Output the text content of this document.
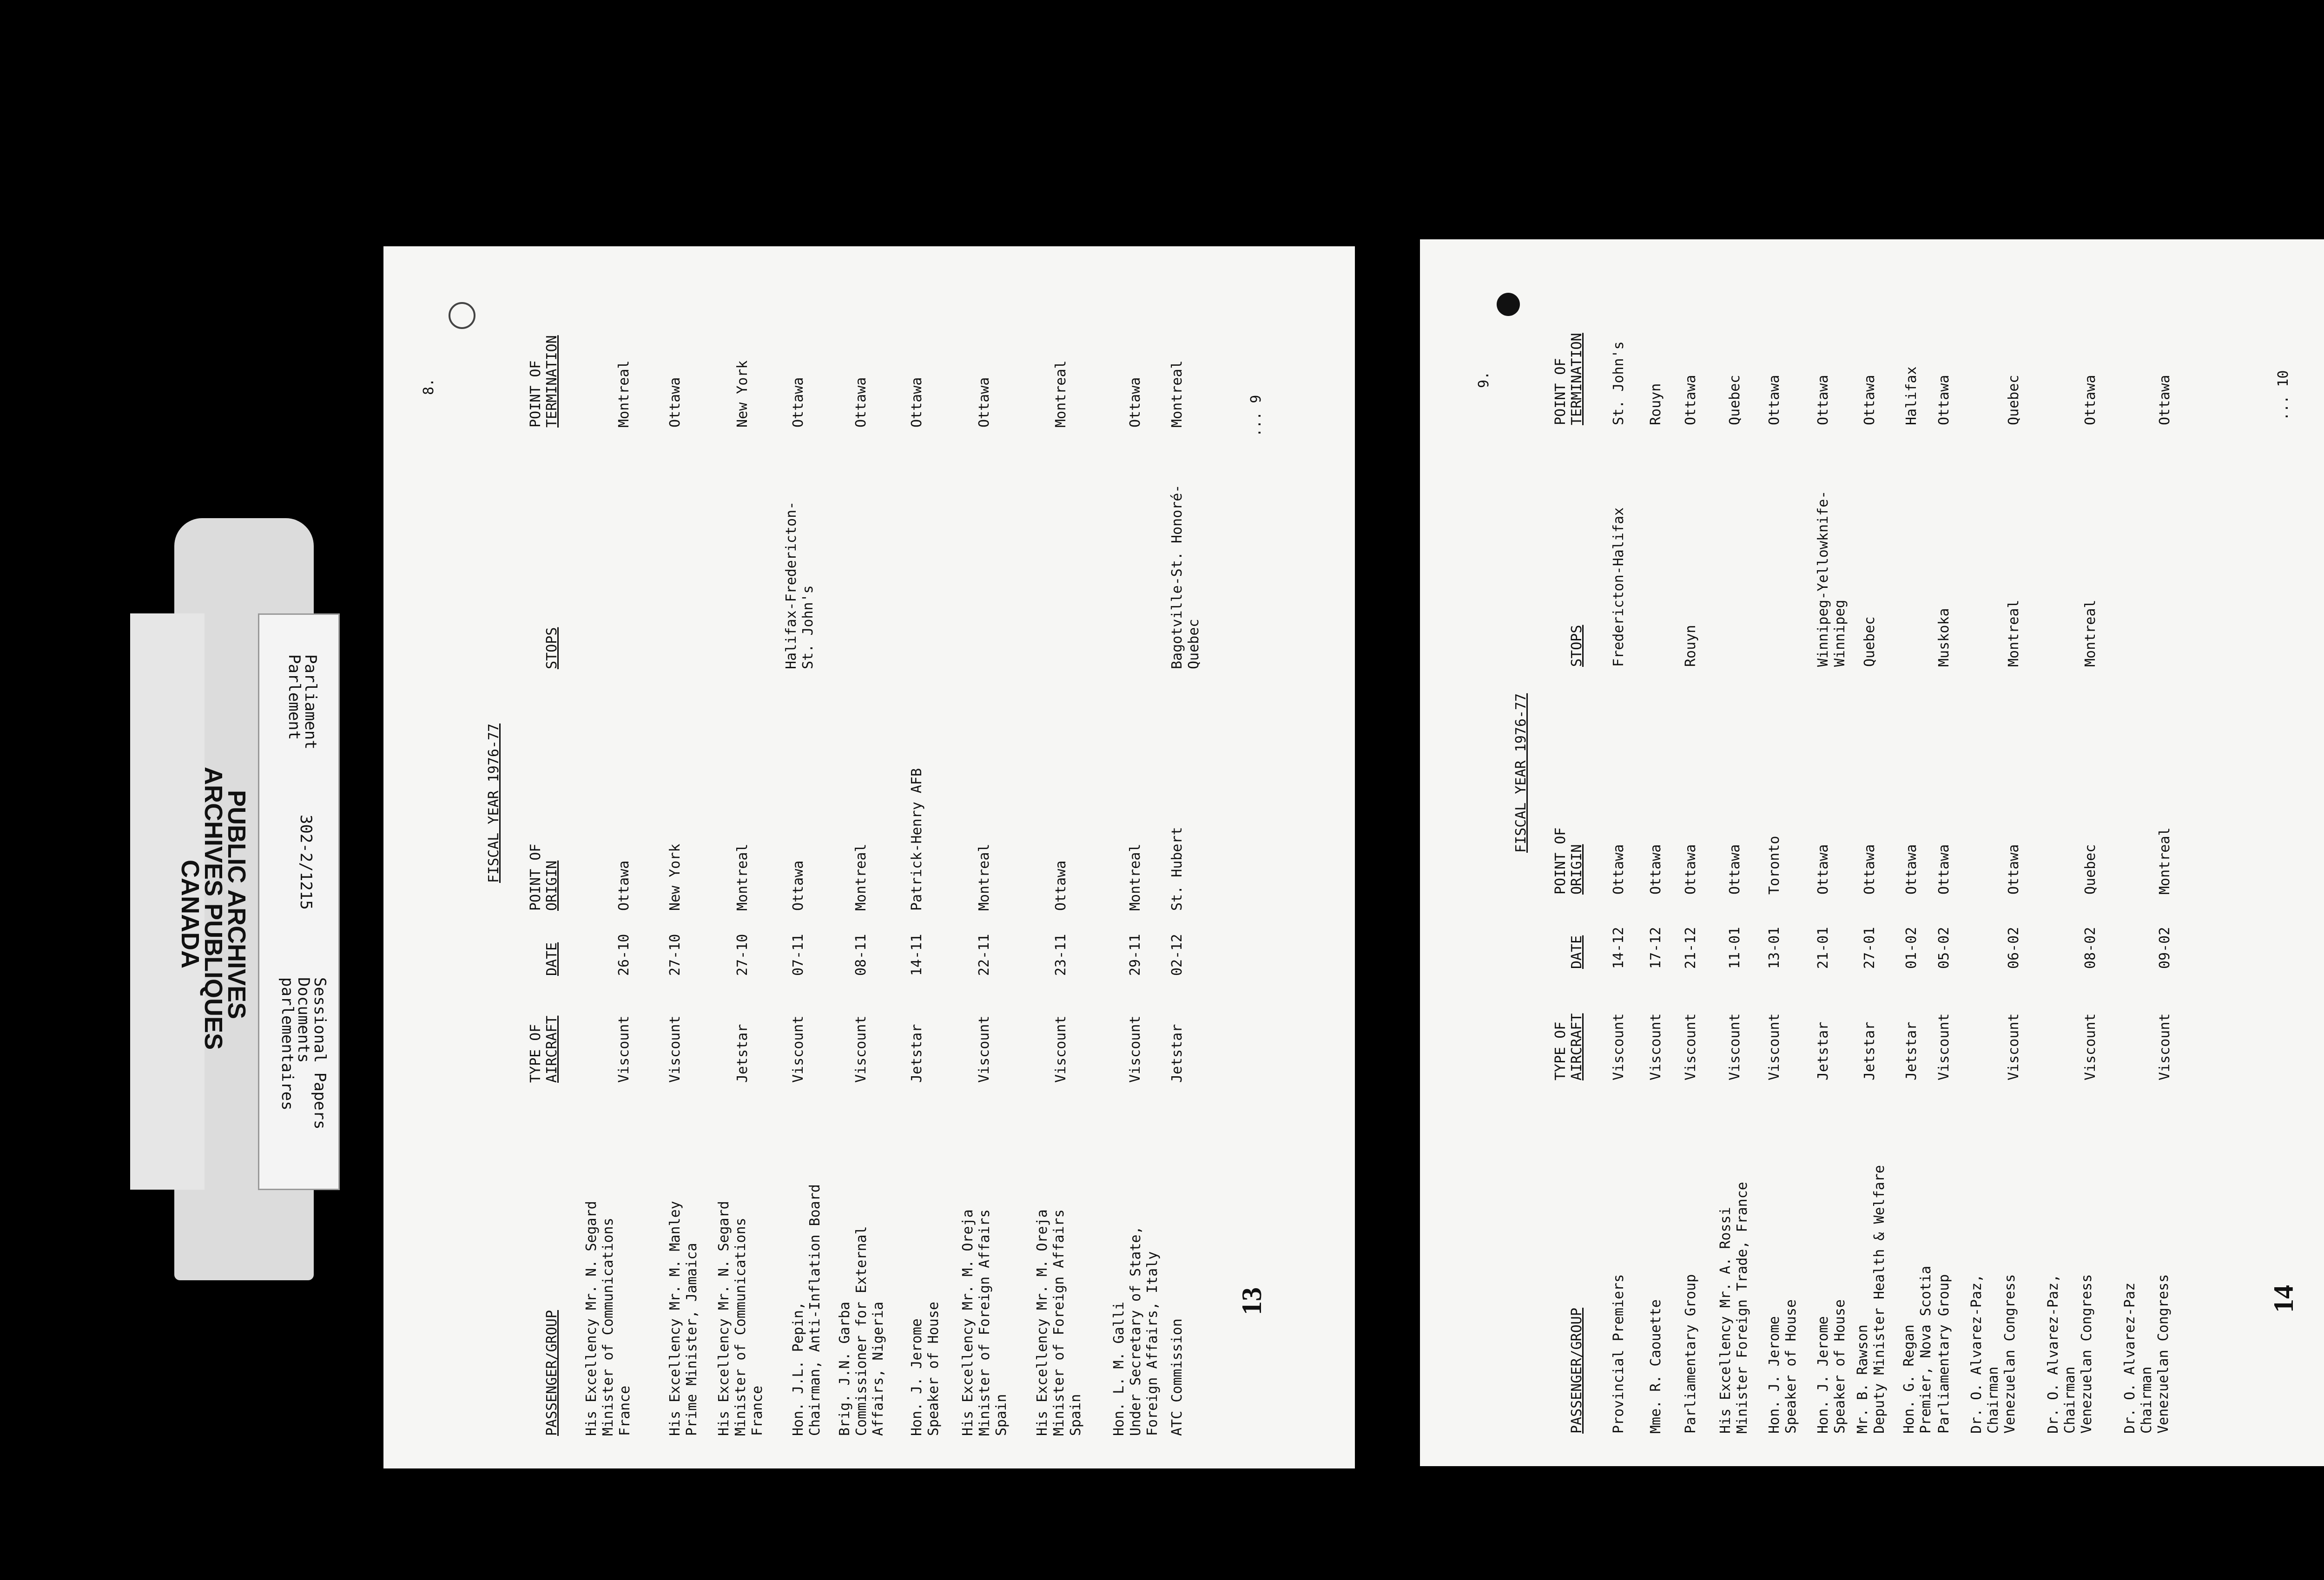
Parliament
Parlement
302-2/1215
Sessional Papers
Documents
parlementaires
PUBLIC ARCHIVES
ARCHIVES PUBLIQUES
CANADA
8.
FISCAL YEAR 1976-77
PASSENGER/GROUP
TYPE OF AIRCRAFT
DATE
POINT OF ORIGIN
STOPS
POINT OF TERMINATION
His Excellency Mr. N. Segard
Minister of Communications
France
Viscount
26-10
Ottawa
Montreal
His Excellency Mr. M. Manley
Prime Minister, Jamaica
Viscount
27-10
New York
Ottawa
His Excellency Mr. N. Segard
Minister of Communications
France
Jetstar
27-10
Montreal
New York
Hon. J.L. Pepin,
Chairman, Anti-Inflation Board
Viscount
07-11
Ottawa
Halifax-Fredericton-
St. John's
Ottawa
Brig. J.N. Garba
Commissioner for External
Affairs, Nigeria
Viscount
08-11
Montreal
Ottawa
Hon. J. Jerome
Speaker of House
Jetstar
14-11
Patrick-Henry AFB
Ottawa
His Excellency Mr. M. Oreja
Minister of Foreign Affairs
Spain
Viscount
22-11
Montreal
Ottawa
His Excellency Mr. M. Oreja
Minister of Foreign Affairs
Spain
Viscount
23-11
Ottawa
Montreal
Hon. L. M. Galli
Under Secretary of State,
Foreign Affairs, Italy
Viscount
29-11
Montreal
Ottawa
ATC Commission
Jetstar
02-12
St. Hubert
Bagotville-St. Honoré-
Quebec
Montreal	... 9
13
9.
FISCAL YEAR 1976-77
PASSENGER/GROUP
TYPE OF AIRCRAFT
DATE
POINT OF ORIGIN
STOPS
POINT OF TERMINATION
Provincial Premiers
Viscount
14-12
Ottawa
Fredericton-Halifax
St. John's
Mme. R. Caouette
Viscount
17-12
Ottawa
Rouyn
Parliamentary Group
Viscount
21-12
Ottawa
Rouyn
Ottawa
His Excellency Mr. A. Rossi
Minister Foreign Trade, France
Viscount
11-01
Ottawa
Quebec
Hon. J. Jerome
Speaker of House
Viscount
13-01
Toronto
Ottawa
Hon. J. Jerome
Speaker of House
Jetstar
21-01
Ottawa
Winnipeg-Yellowknife-
Winnipeg
Ottawa
Mr. B. Rawson
Deputy Minister Health & Welfare
Jetstar
27-01
Ottawa
Quebec
Ottawa
Hon. G. Regan
Premier, Nova Scotia
Jetstar
01-02
Ottawa
Halifax
Parliamentary Group
Viscount
05-02
Ottawa
Muskoka
Ottawa
Dr. O. Alvarez-Paz,
Chairman
Venezuelan Congress
Viscount
06-02
Ottawa
Montreal
Quebec
Dr. O. Alvarez-Paz,
Chairman
Venezuelan Congress
Viscount
08-02
Quebec
Montreal
Ottawa
Dr. O. Alvarez-Paz
Chairman
Venezuelan Congress
Viscount
09-02
Montreal
Ottawa	... 10
14
